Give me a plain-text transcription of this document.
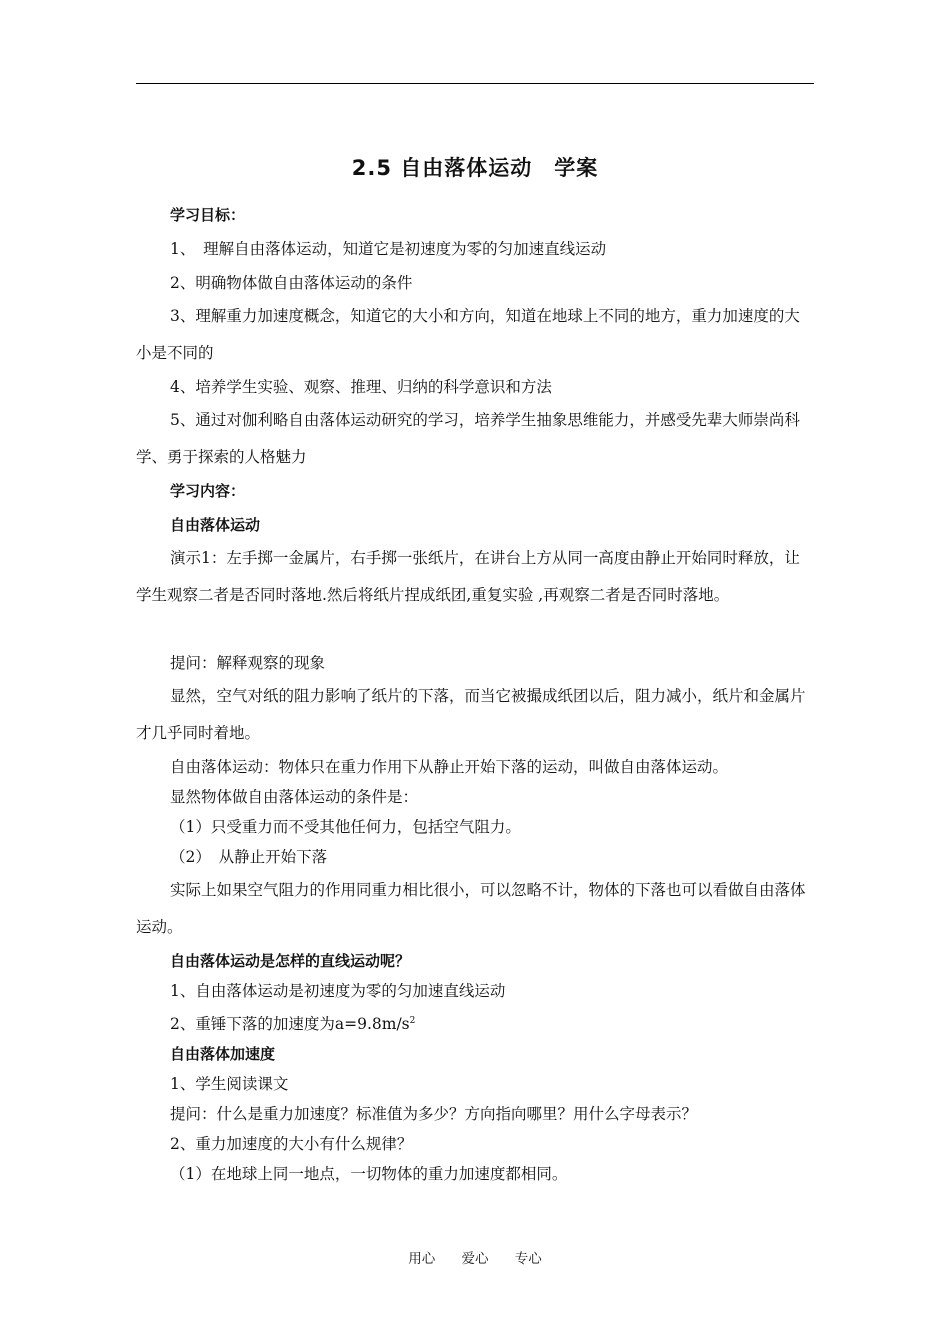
2.5 自由落体运动　学案

学习目标：

1、　理解自由落体运动，知道它是初速度为零的匀加速直线运动

2、明确物体做自由落体运动的条件

3、理解重力加速度概念，知道它的大小和方向，知道在地球上不同的地方，重力加速度的大小是不同的

4、培养学生实验、观察、推理、归纳的科学意识和方法

5、通过对伽利略自由落体运动研究的学习，培养学生抽象思维能力，并感受先辈大师崇尚科学、勇于探索的人格魅力

学习内容：

自由落体运动

演示1：左手掷一金属片，右手掷一张纸片，在讲台上方从同一高度由静止开始同时释放，让学生观察二者是否同时落地.然后将纸片捏成纸团,重复实验 ,再观察二者是否同时落地。

提问：解释观察的现象

显然，空气对纸的阻力影响了纸片的下落，而当它被撮成纸团以后，阻力减小，纸片和金属片才几乎同时着地。

自由落体运动：物体只在重力作用下从静止开始下落的运动，叫做自由落体运动。

显然物体做自由落体运动的条件是：

（1）只受重力而不受其他任何力，包括空气阻力。

（2）　从静止开始下落

实际上如果空气阻力的作用同重力相比很小，可以忽略不计，物体的下落也可以看做自由落体运动。

自由落体运动是怎样的直线运动呢？

1、自由落体运动是初速度为零的匀加速直线运动

2、重锤下落的加速度为$a=9.8m/s^2$

自由落体加速度

1、学生阅读课文

提问：什么是重力加速度？标准值为多少？方向指向哪里？用什么字母表示？

2、重力加速度的大小有什么规律？

（1）在地球上同一地点，一切物体的重力加速度都相同。

用心 爱心 专心
